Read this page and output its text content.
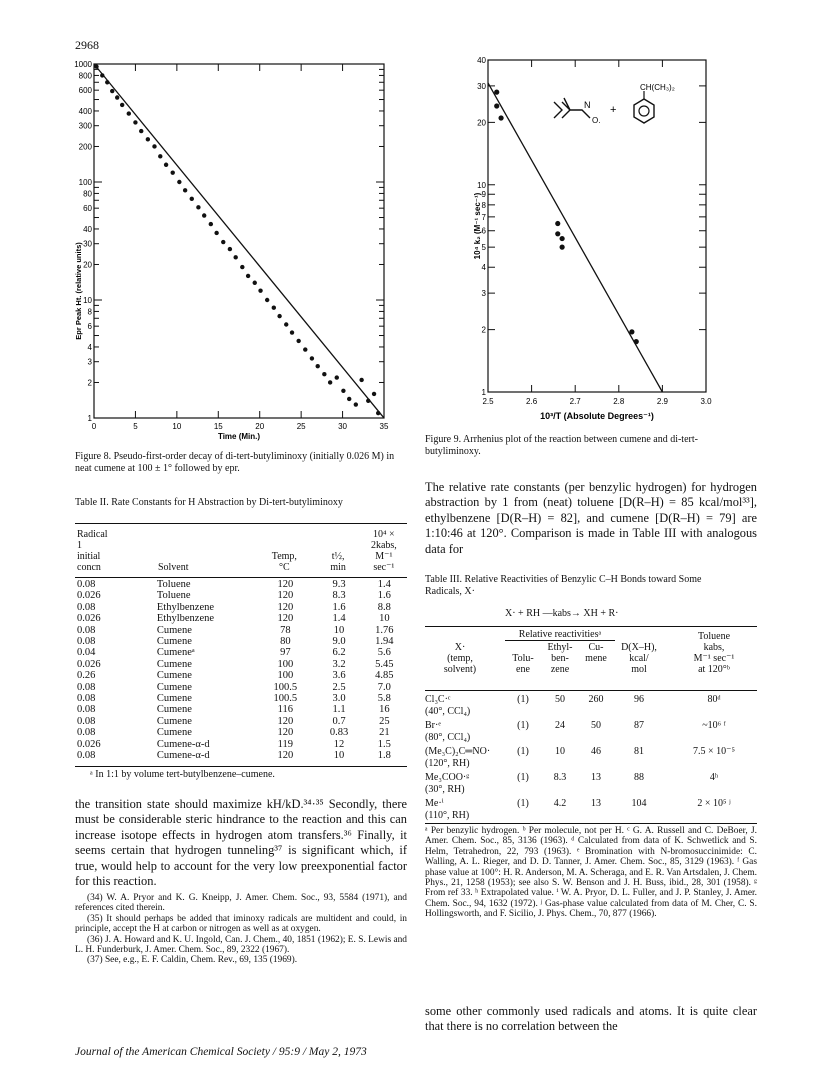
2968
1
2
3
4
6
8
10
20
30
40
60
80
100
200
300
400
600
800
1000
0	5	10	15	20	25	30	35
Time (Min.)
Epr Peak Ht. (relative units)
Figure 8. Pseudo-first-order decay of di-tert-butyliminoxy (initially 0.026 M) in neat cumene at 100 ± 1° followed by epr.
1
2
3
4
5
6
7
8
9
10
20
30
40
2.5	2.6	2.7	2.8	2.9	3.0
10³/T (Absolute Degrees⁻¹)
10⁴ k₂ (M⁻¹ sec⁻¹)
N
O.
+
CH(CH₃)₂
Figure 9. Arrhenius plot of the reaction between cumene and di-tert-butyliminoxy.
Table II. Rate Constants for H Abstraction by Di-tert-butyliminoxy
Radical
1
initial
concn	Solvent

Temp,
°C

t½,
min

10⁴ ×
2kabs,
M⁻¹
sec⁻¹
0.08	Toluene	120	9.3	1.4
0.026	Toluene	120	8.3	1.6
0.08	Ethylbenzene	120	1.6	8.8
0.026	Ethylbenzene	120	1.4	10
0.08	Cumene	78	10	1.76
0.08	Cumene	80	9.0	1.94
0.04	Cumeneᵃ	97	6.2	5.6
0.026	Cumene	100	3.2	5.45
0.26	Cumene	100	3.6	4.85
0.08	Cumene	100.5	2.5	7.0
0.08	Cumene	100.5	3.0	5.8
0.08	Cumene	116	1.1	16
0.08	Cumene	120	0.7	25
0.08	Cumene	120	0.83	21
0.026	Cumene-α-d	119	12	1.5
0.08	Cumene-α-d	120	10	1.8
ᵃ In 1:1 by volume tert-butylbenzene–cumene.
the transition state should maximize kH/kD.³⁴·³⁵ Secondly, there must be considerable steric hindrance to the reaction and this can increase isotope effects in hydrogen atom transfers.³⁶ Finally, it seems certain that hydrogen tunneling³⁷ is significant which, if true, would help to account for the very low preexponential factor for this reaction.
(34) W. A. Pryor and K. G. Kneipp, J. Amer. Chem. Soc., 93, 5584 (1971), and references cited therein.
(35) It should perhaps be added that iminoxy radicals are multident and could, in principle, accept the H at carbon or nitrogen as well as at oxygen.
(36) J. A. Howard and K. U. Ingold, Can. J. Chem., 40, 1851 (1962); E. S. Lewis and L. H. Funderburk, J. Amer. Chem. Soc., 89, 2322 (1967).
(37) See, e.g., E. F. Caldin, Chem. Rev., 69, 135 (1969).
The relative rate constants (per benzylic hydrogen) for hydrogen abstraction by 1 from (neat) toluene [D(R–H) = 85 kcal/mol³³], ethylbenzene [D(R–H) = 82], and cumene [D(R–H) = 79] are 1:10:46 at 120°. Comparison is made in Table III with analogous data for
Table III. Relative Reactivities of Benzylic C–H Bonds toward Some Radicals, X·
X· + RH —kabs→ XH + R·
Relative reactivitiesᵃ
X·
(temp,
solvent)
Tolu-
ene
Ethyl-
ben-
zene
Cu-
mene
D(X–H),
kcal/
mol
Toluene
kabs,
M⁻¹ sec⁻¹
at 120°ᵇ
Cl₃C·ᶜ
(40°, CCl₄)
(1)	50	260	96	80ᵈ
Br·ᵉ
(80°, CCl₄)
(1)	24	50	87	~10⁶ ᶠ
(Me₃C)₂C═NO·
(120°, RH)
(1)	10	46	81	7.5 × 10⁻⁵
Me₃COO·ᵍ
(30°, RH)
(1)	8.3	13	88	4ʰ
Me·ⁱ
(110°, RH)
(1)	4.2	13	104	2 × 10⁵ ʲ
ᵃ Per benzylic hydrogen. ᵇ Per molecule, not per H. ᶜ G. A. Russell and C. DeBoer, J. Amer. Chem. Soc., 85, 3136 (1963). ᵈ Calculated from data of K. Schwetlick and S. Helm, Tetrahedron, 22, 793 (1963). ᵉ Bromination with N-bromosuccinimide: C. Walling, A. L. Rieger, and D. D. Tanner, J. Amer. Chem. Soc., 85, 3129 (1963). ᶠ Gas phase value at 100°: H. R. Anderson, M. A. Scheraga, and E. R. Van Artsdalen, J. Chem. Phys., 21, 1258 (1953); see also S. W. Benson and J. H. Buss, ibid., 28, 301 (1958). ᵍ From ref 33. ʰ Extrapolated value. ⁱ W. A. Pryor, D. L. Fuller, and J. P. Stanley, J. Amer. Chem. Soc., 94, 1632 (1972). ʲ Gas-phase value calculated from data of M. Cher, C. S. Hollingsworth, and F. Sicilio, J. Phys. Chem., 70, 877 (1966).
some other commonly used radicals and atoms. It is quite clear that there is no correlation between the
Journal of the American Chemical Society / 95:9 / May 2, 1973
